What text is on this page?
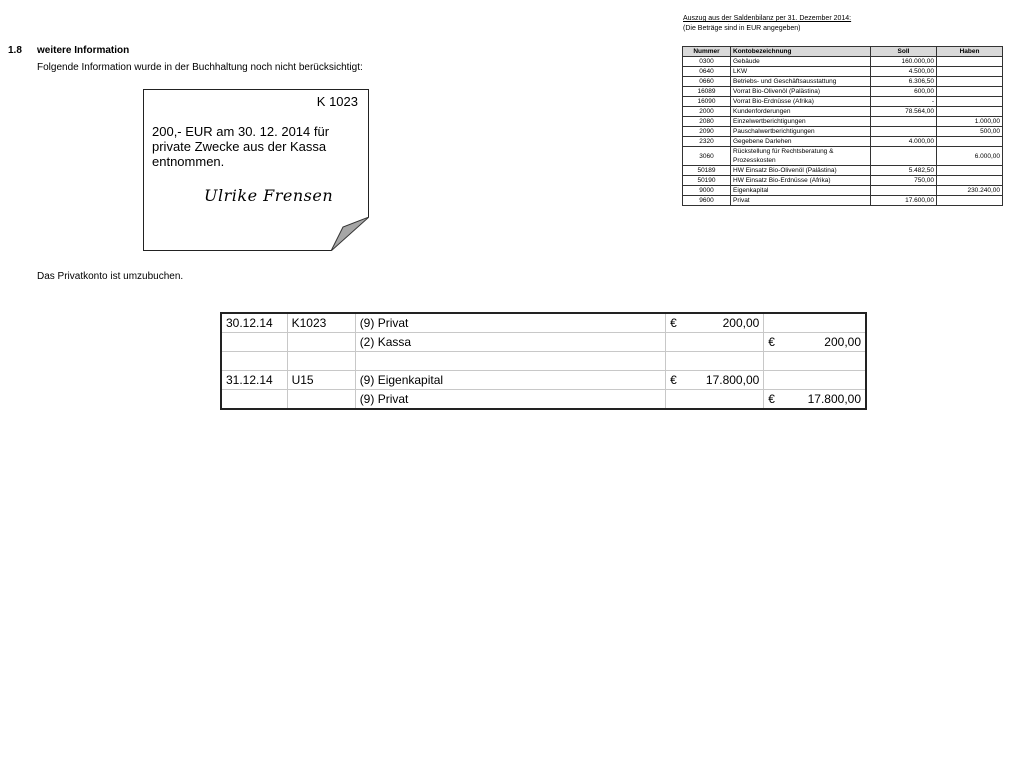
1.8 weitere Information
Folgende Information wurde in der Buchhaltung noch nicht berücksichtigt:
K 1023
200,- EUR am 30. 12. 2014 für private Zwecke aus der Kassa entnommen.
Ulrike Frensen
Das Privatkonto ist umzubuchen.
Auszug aus der Saldenbilanz per 31. Dezember 2014:
(Die Beträge sind in EUR angegeben)
Nummer	Kontobezeichnung	Soll	Haben
0300	Gebäude	160.000,00	
0640	LKW	4.500,00	
0660	Betriebs- und Geschäftsausstattung	6.306,50	
16089	Vorrat Bio-Olivenöl (Palästina)	600,00	
16090	Vorrat Bio-Erdnüsse (Afrika)	-	
2000	Kundenforderungen	78.564,00	
2080	Einzelwertberichtigungen		1.000,00
2090	Pauschalwertberichtigungen		500,00
2320	Gegebene Darlehen	4.000,00	
3060	Rückstellung für Rechtsberatung & Prozesskosten		6.000,00
50189	HW Einsatz Bio-Olivenöl (Palästina)	5.482,50	
50190	HW Einsatz Bio-Erdnüsse (Afrika)	750,00	
9000	Eigenkapital		230.240,00
9600	Privat	17.600,00	
30.12.14	K1023	(9) Privat	€ 200,00	

		(2) Kassa		€ 200,00

31.12.14	U15	(9) Eigenkapital	€ 17.800,00	

		(9) Privat		€ 17.800,00
